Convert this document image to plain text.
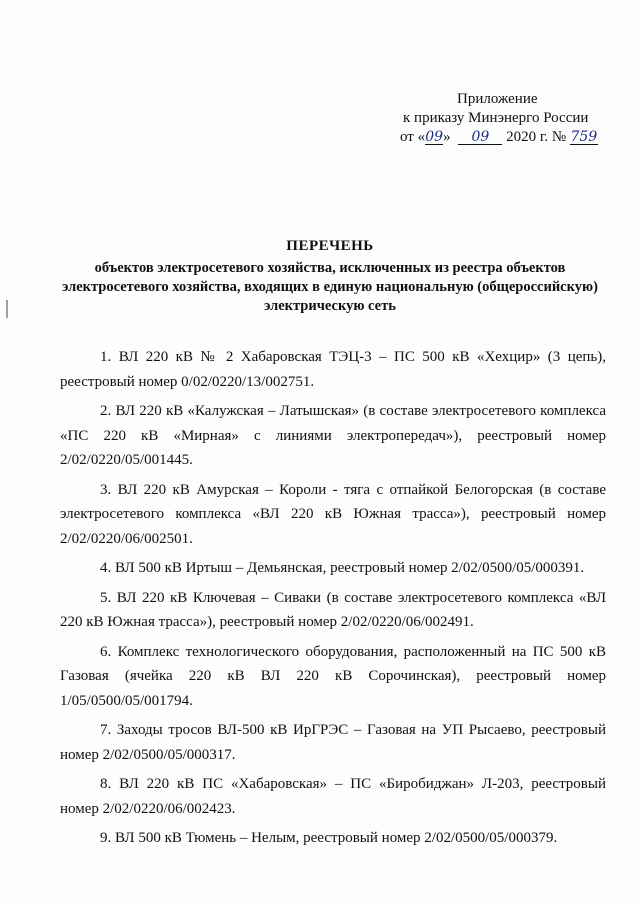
Приложение
к приказу Минэнерго России
от «09» 09 2020 г. № 759
ПЕРЕЧЕНЬ
объектов электросетевого хозяйства, исключенных из реестра объектов электросетевого хозяйства, входящих в единую национальную (общероссийскую) электрическую сеть

1. ВЛ 220 кВ № 2 Хабаровская ТЭЦ-3 – ПС 500 кВ «Хехцир» (3 цепь), реестровый номер 0/02/0220/13/002751.

2. ВЛ 220 кВ «Калужская – Латышская» (в составе электросетевого комплекса «ПС 220 кВ «Мирная» с линиями электропередач»), реестровый номер 2/02/0220/05/001445.

3. ВЛ 220 кВ Амурская – Короли - тяга с отпайкой Белогорская (в составе электросетевого комплекса «ВЛ 220 кВ Южная трасса»), реестровый номер 2/02/0220/06/002501.

4. ВЛ 500 кВ Иртыш – Демьянская, реестровый номер 2/02/0500/05/000391.

5. ВЛ 220 кВ Ключевая – Сиваки (в составе электросетевого комплекса «ВЛ 220 кВ Южная трасса»), реестровый номер 2/02/0220/06/002491.

6. Комплекс технологического оборудования, расположенный на ПС 500 кВ Газовая (ячейка 220 кВ ВЛ 220 кВ Сорочинская), реестровый номер 1/05/0500/05/001794.

7. Заходы тросов ВЛ-500 кВ ИрГРЭС – Газовая на УП Рысаево, реестровый номер 2/02/0500/05/000317.

8. ВЛ 220 кВ ПС «Хабаровская» – ПС «Биробиджан» Л-203, реестровый номер 2/02/0220/06/002423.

9. ВЛ 500 кВ Тюмень – Нелым, реестровый номер 2/02/0500/05/000379.
